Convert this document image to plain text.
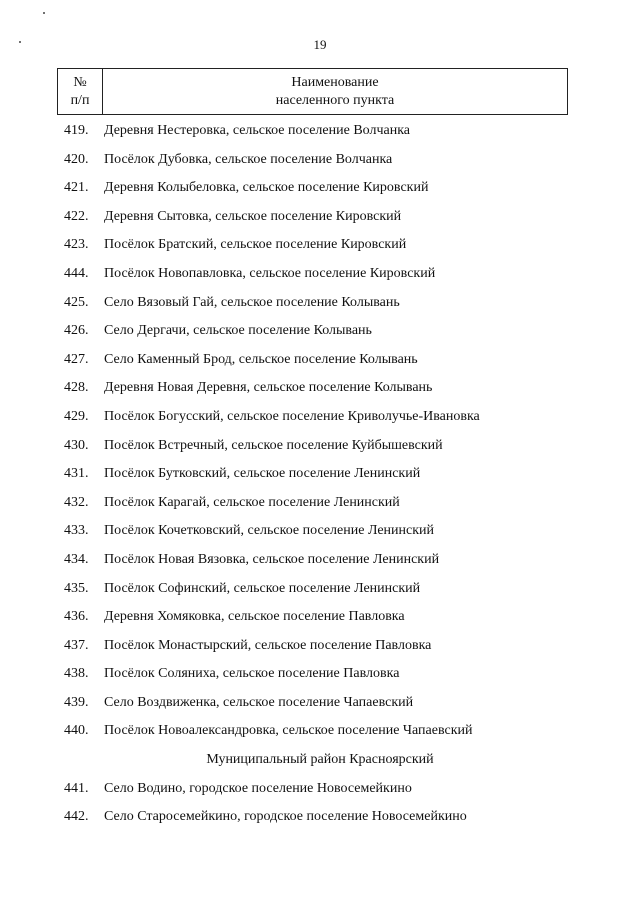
19
№
п/п
Наименование
населенного пункта
419. Деревня Нестеровка, сельское поселение Волчанка
420. Посёлок Дубовка, сельское поселение Волчанка
421. Деревня Колыбеловка, сельское поселение Кировский
422. Деревня Сытовка, сельское поселение Кировский
423. Посёлок Братский, сельское поселение Кировский
444. Посёлок Новопавловка, сельское поселение Кировский
425. Село Вязовый Гай, сельское поселение Колывань
426. Село Дергачи, сельское поселение Колывань
427. Село Каменный Брод, сельское поселение Колывань
428. Деревня Новая Деревня, сельское поселение Колывань
429. Посёлок Богусский, сельское поселение Криволучье-Ивановка
430. Посёлок Встречный, сельское поселение Куйбышевский
431. Посёлок Бутковский, сельское поселение Ленинский
432. Посёлок Карагай, сельское поселение Ленинский
433. Посёлок Кочетковский, сельское поселение Ленинский
434. Посёлок Новая Вязовка, сельское поселение Ленинский
435. Посёлок Софинский, сельское поселение Ленинский
436. Деревня Хомяковка, сельское поселение Павловка
437. Посёлок Монастырский, сельское поселение Павловка
438. Посёлок Соляниха, сельское поселение Павловка
439. Село Воздвиженка, сельское поселение Чапаевский
440. Посёлок Новоалександровка, сельское поселение Чапаевский
Муниципальный район Красноярский
441. Село Водино, городское поселение Новосемейкино
442. Село Старосемейкино, городское поселение Новосемейкино
